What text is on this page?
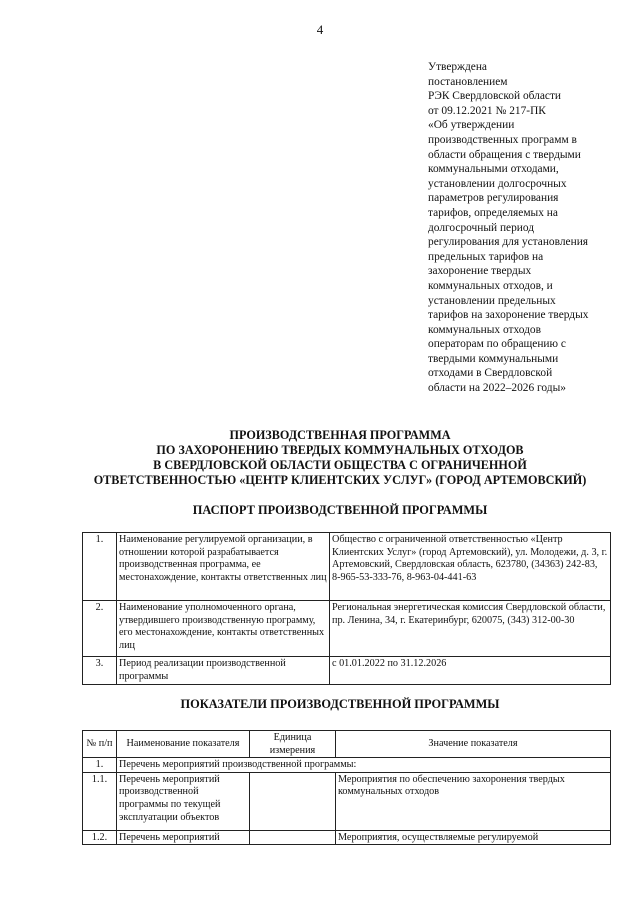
4
Утверждена
постановлением
РЭК Свердловской области
от 09.12.2021 № 217-ПК
«Об утверждении
производственных программ в
области обращения с твердыми
коммунальными отходами,
установлении долгосрочных
параметров регулирования
тарифов, определяемых на
долгосрочный период
регулирования для установления
предельных тарифов на
захоронение твердых
коммунальных отходов, и
установлении предельных
тарифов на захоронение твердых
коммунальных отходов
операторам по обращению с
твердыми коммунальными
отходами в Свердловской
области на 2022–2026 годы»
ПРОИЗВОДСТВЕННАЯ ПРОГРАММА
ПО ЗАХОРОНЕНИЮ ТВЕРДЫХ КОММУНАЛЬНЫХ ОТХОДОВ
В СВЕРДЛОВСКОЙ ОБЛАСТИ ОБЩЕСТВА С ОГРАНИЧЕННОЙ
ОТВЕТСТВЕННОСТЬЮ «ЦЕНТР КЛИЕНТСКИХ УСЛУГ» (ГОРОД АРТЕМОВСКИЙ)
ПАСПОРТ ПРОИЗВОДСТВЕННОЙ ПРОГРАММЫ
1.	Наименование регулируемой организации, в отношении которой разрабатывается производственная программа, ее местонахождение, контакты ответственных лиц	Общество с ограниченной ответственностью «Центр Клиентских Услуг» (город Артемовский), ул. Молодежи, д. 3, г. Артемовский, Свердловская область, 623780, (34363) 242-83, 8-965-53-333-76, 8-963-04-441-63
2.	Наименование уполномоченного органа, утвердившего производственную программу, его местонахождение, контакты ответственных лиц	Региональная энергетическая комиссия Свердловской области, пр. Ленина, 34, г. Екатеринбург, 620075, (343) 312-00-30
3.	Период реализации производственной программы	с 01.01.2022 по 31.12.2026
ПОКАЗАТЕЛИ ПРОИЗВОДСТВЕННОЙ ПРОГРАММЫ
№ п/п	Наименование показателя	Единица измерения	Значение показателя
1.	Перечень мероприятий производственной программы:		
1.1.	Перечень мероприятий производственной программы по текущей эксплуатации объектов		Мероприятия по обеспечению захоронения твердых коммунальных отходов
1.2.	Перечень мероприятий		Мероприятия, осуществляемые регулируемой
